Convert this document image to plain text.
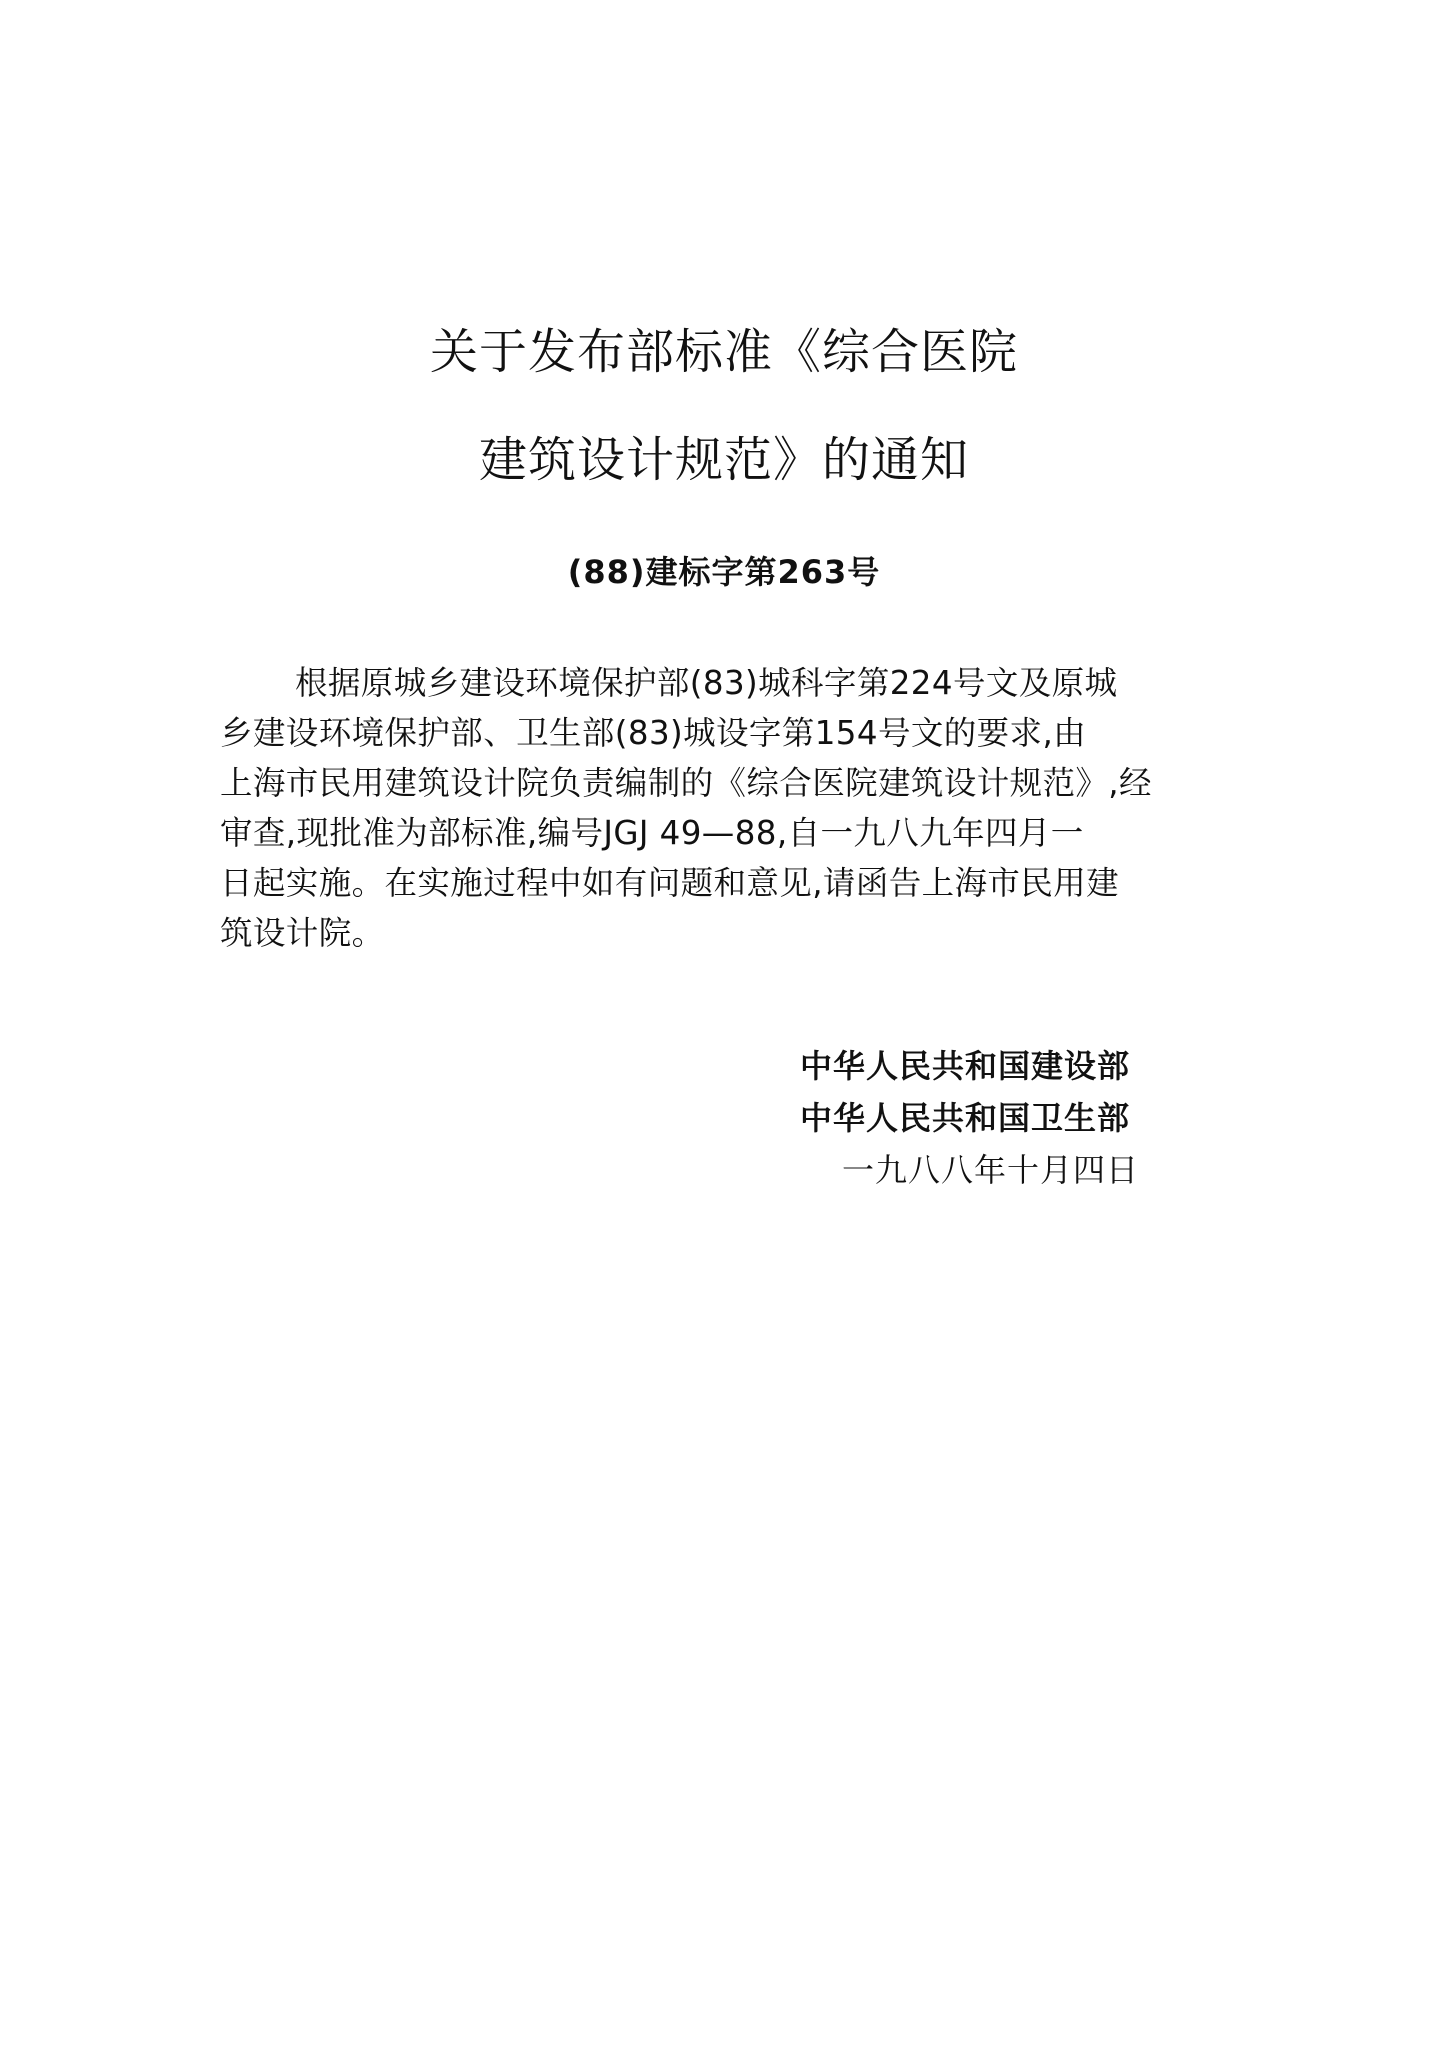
关于发布部标准《综合医院
建筑设计规范》的通知
(88)建标字第263号

根据原城乡建设环境保护部(83)城科字第224号文及原城
乡建设环境保护部、卫生部(83)城设字第154号文的要求,由
上海市民用建筑设计院负责编制的《综合医院建筑设计规范》,经
审查,现批准为部标准,编号JGJ 49—88,自一九八九年四月一
日起实施。在实施过程中如有问题和意见,请函告上海市民用建
筑设计院。

中华人民共和国建设部
中华人民共和国卫生部
一九八八年十月四日
